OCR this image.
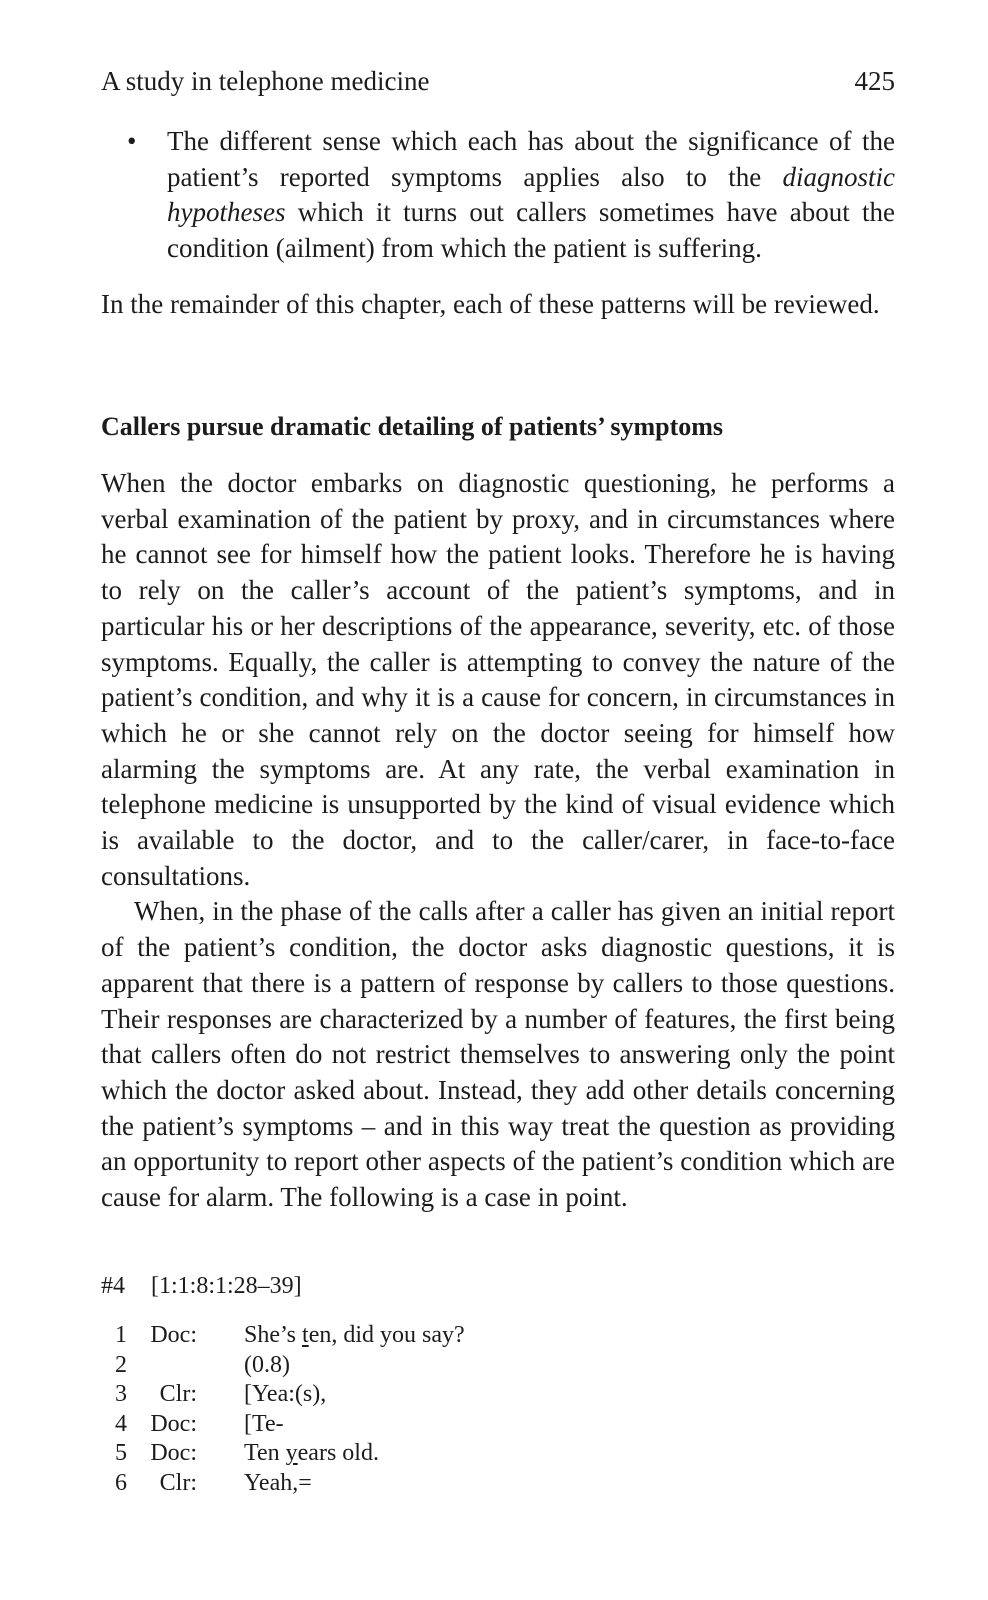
A study in telephone medicine	425
• The different sense which each has about the significance of the patient’s reported symptoms applies also to the diagnostic hypotheses which it turns out callers sometimes have about the condition (ailment) from which the patient is suffering.

In the remainder of this chapter, each of these patterns will be reviewed.

Callers pursue dramatic detailing of patients’ symptoms

When the doctor embarks on diagnostic questioning, he performs a verbal examination of the patient by proxy, and in circumstances where he cannot see for himself how the patient looks. Therefore he is having to rely on the caller’s account of the patient’s symptoms, and in particular his or her descriptions of the appearance, severity, etc. of those symptoms. Equally, the caller is attempting to convey the nature of the patient’s condition, and why it is a cause for concern, in circumstances in which he or she cannot rely on the doctor seeing for himself how alarming the symptoms are. At any rate, the verbal examination in telephone medicine is unsupported by the kind of visual evidence which is available to the doctor, and to the caller/carer, in face-to-face consultations.

When, in the phase of the calls after a caller has given an initial report of the patient’s condition, the doctor asks diagnostic questions, it is apparent that there is a pattern of response by callers to those questions. Their responses are characterized by a number of features, the first being that callers often do not restrict themselves to answering only the point which the doctor asked about. Instead, they add other details concerning the patient’s symptoms – and in this way treat the question as providing an opportunity to report other aspects of the patient’s condition which are cause for alarm. The following is a case in point.

#4 [1:1:8:1:28–39]
1 Doc: She’s ten, did you say?
2	(0.8)
3	Clr: [Yea:(s),
4 Doc: [Te-
5 Doc: Ten years old.
6	Clr: Yeah,=
